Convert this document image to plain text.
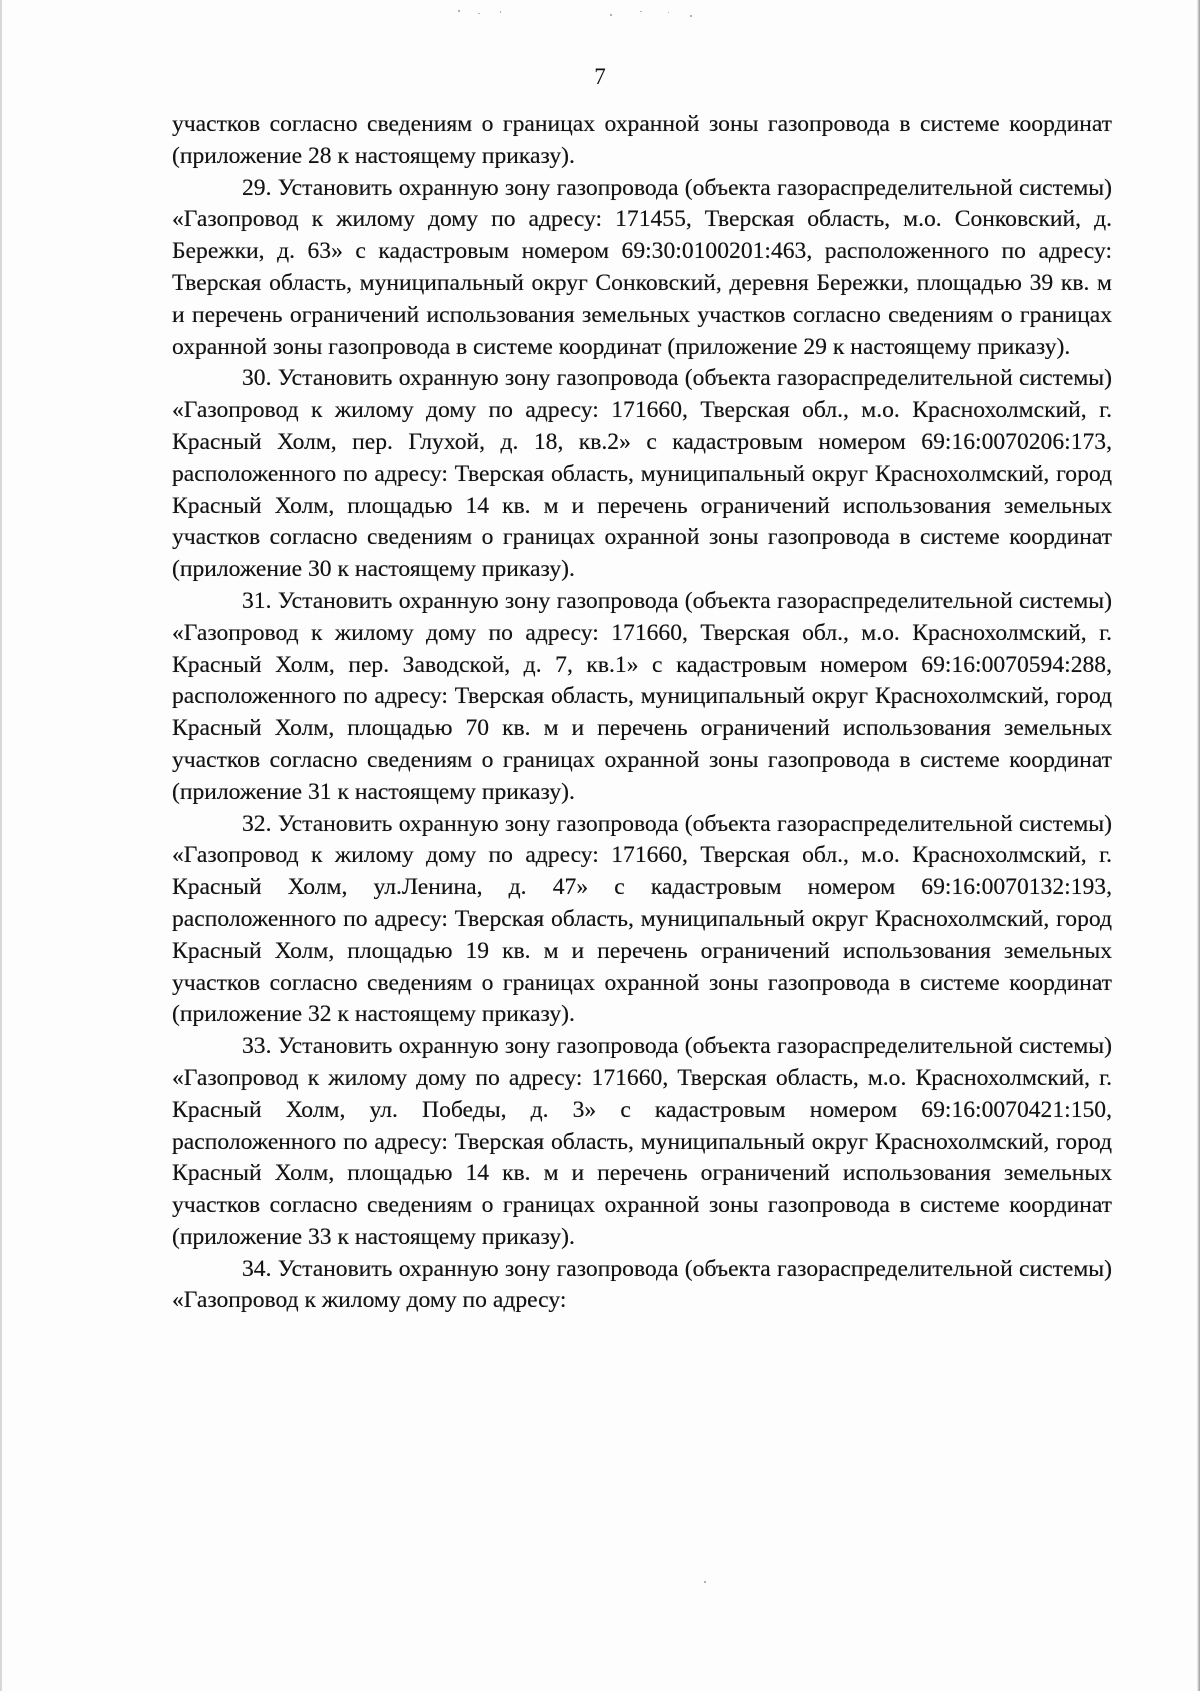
7

участков согласно сведениям о границах охранной зоны газопровода в системе координат (приложение 28 к настоящему приказу).

29. Установить охранную зону газопровода (объекта газораспределительной системы) «Газопровод к жилому дому по адресу: 171455, Тверская область, м.о. Сонковский, д. Бережки, д. 63» с кадастровым номером 69:30:0100201:463, расположенного по адресу: Тверская область, муниципальный округ Сонковский, деревня Бережки, площадью 39 кв. м и перечень ограничений использования земельных участков согласно сведениям о границах охранной зоны газопровода в системе координат (приложение 29 к настоящему приказу).

30. Установить охранную зону газопровода (объекта газораспределительной системы) «Газопровод к жилому дому по адресу: 171660, Тверская обл., м.о. Краснохолмский, г. Красный Холм, пер. Глухой, д. 18, кв.2» с кадастровым номером 69:16:0070206:173, расположенного по адресу: Тверская область, муниципальный округ Краснохолмский, город Красный Холм, площадью 14 кв. м и перечень ограничений использования земельных участков согласно сведениям о границах охранной зоны газопровода в системе координат (приложение 30 к настоящему приказу).

31. Установить охранную зону газопровода (объекта газораспределительной системы) «Газопровод к жилому дому по адресу: 171660, Тверская обл., м.о. Краснохолмский, г. Красный Холм, пер. Заводской, д. 7, кв.1» с кадастровым номером 69:16:0070594:288, расположенного по адресу: Тверская область, муниципальный округ Краснохолмский, город Красный Холм, площадью 70 кв. м и перечень ограничений использования земельных участков согласно сведениям о границах охранной зоны газопровода в системе координат (приложение 31 к настоящему приказу).

32. Установить охранную зону газопровода (объекта газораспределительной системы) «Газопровод к жилому дому по адресу: 171660, Тверская обл., м.о. Краснохолмский, г. Красный Холм, ул.Ленина, д. 47» с кадастровым номером 69:16:0070132:193, расположенного по адресу: Тверская область, муниципальный округ Краснохолмский, город Красный Холм, площадью 19 кв. м и перечень ограничений использования земельных участков согласно сведениям о границах охранной зоны газопровода в системе координат (приложение 32 к настоящему приказу).

33. Установить охранную зону газопровода (объекта газораспределительной системы) «Газопровод к жилому дому по адресу: 171660, Тверская область, м.о. Краснохолмский, г. Красный Холм, ул. Победы, д. 3» с кадастровым номером 69:16:0070421:150, расположенного по адресу: Тверская область, муниципальный округ Краснохолмский, город Красный Холм, площадью 14 кв. м и перечень ограничений использования земельных участков согласно сведениям о границах охранной зоны газопровода в системе координат (приложение 33 к настоящему приказу).

34. Установить охранную зону газопровода (объекта газораспределительной системы) «Газопровод к жилому дому по адресу:
